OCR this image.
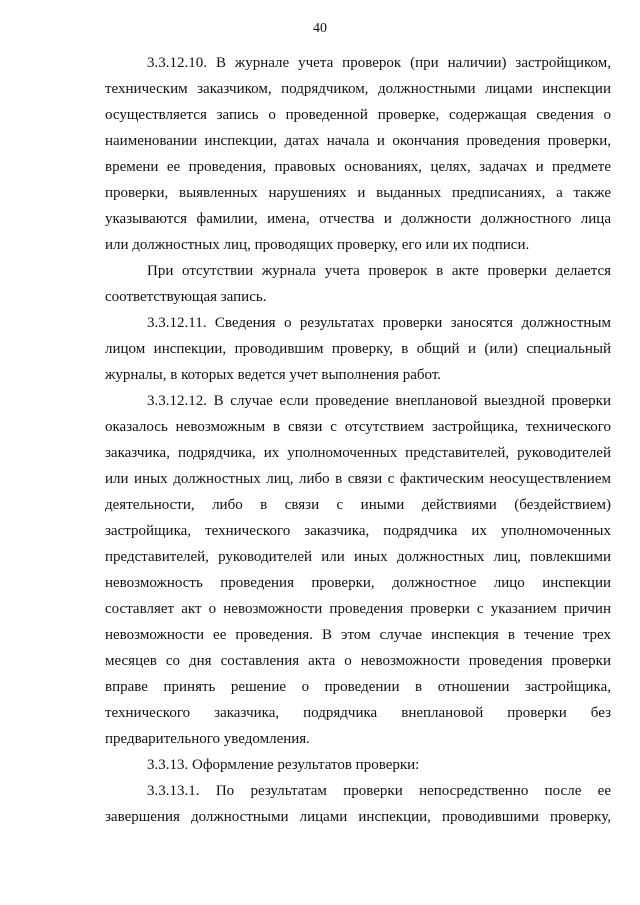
40
3.3.12.10. В журнале учета проверок (при наличии) застройщиком,
техническим заказчиком, подрядчиком, должностными лицами инспекции
осуществляется запись о проведенной проверке, содержащая сведения о
наименовании инспекции, датах начала и окончания проведения проверки,
времени ее проведения, правовых основаниях, целях, задачах и предмете
проверки, выявленных нарушениях и выданных предписаниях, а также
указываются фамилии, имена, отчества и должности должностного лица
или должностных лиц, проводящих проверку, его или их подписи.
При отсутствии журнала учета проверок в акте проверки делается
соответствующая запись.
3.3.12.11. Сведения о результатах проверки заносятся должностным
лицом инспекции, проводившим проверку, в общий и (или) специальный
журналы, в которых ведется учет выполнения работ.
3.3.12.12. В случае если проведение внеплановой выездной проверки
оказалось невозможным в связи с отсутствием застройщика, технического
заказчика, подрядчика, их уполномоченных представителей, руководителей
или иных должностных лиц, либо в связи с фактическим неосуществлением
деятельности, либо в связи с иными действиями (бездействием)
застройщика, технического заказчика, подрядчика их уполномоченных
представителей, руководителей или иных должностных лиц, повлекшими
невозможность проведения проверки, должностное лицо инспекции
составляет акт о невозможности проведения проверки с указанием причин
невозможности ее проведения. В этом случае инспекция в течение трех
месяцев со дня составления акта о невозможности проведения проверки
вправе принять решение о проведении в отношении застройщика,
технического заказчика, подрядчика внеплановой проверки без
предварительного уведомления.
3.3.13. Оформление результатов проверки:
3.3.13.1. По результатам проверки непосредственно после ее
завершения должностными лицами инспекции, проводившими проверку,
